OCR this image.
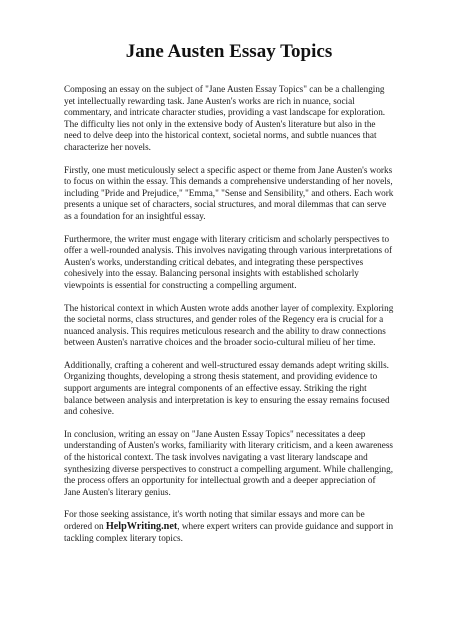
Jane Austen Essay Topics

Composing an essay on the subject of "Jane Austen Essay Topics" can be a challenging yet intellectually rewarding task. Jane Austen's works are rich in nuance, social commentary, and intricate character studies, providing a vast landscape for exploration. The difficulty lies not only in the extensive body of Austen's literature but also in the need to delve deep into the historical context, societal norms, and subtle nuances that characterize her novels.

Firstly, one must meticulously select a specific aspect or theme from Jane Austen's works to focus on within the essay. This demands a comprehensive understanding of her novels, including "Pride and Prejudice," "Emma," "Sense and Sensibility," and others. Each work presents a unique set of characters, social structures, and moral dilemmas that can serve as a foundation for an insightful essay.

Furthermore, the writer must engage with literary criticism and scholarly perspectives to offer a well-rounded analysis. This involves navigating through various interpretations of Austen's works, understanding critical debates, and integrating these perspectives cohesively into the essay. Balancing personal insights with established scholarly viewpoints is essential for constructing a compelling argument.

The historical context in which Austen wrote adds another layer of complexity. Exploring the societal norms, class structures, and gender roles of the Regency era is crucial for a nuanced analysis. This requires meticulous research and the ability to draw connections between Austen's narrative choices and the broader socio-cultural milieu of her time.

Additionally, crafting a coherent and well-structured essay demands adept writing skills. Organizing thoughts, developing a strong thesis statement, and providing evidence to support arguments are integral components of an effective essay. Striking the right balance between analysis and interpretation is key to ensuring the essay remains focused and cohesive.

In conclusion, writing an essay on "Jane Austen Essay Topics" necessitates a deep understanding of Austen's works, familiarity with literary criticism, and a keen awareness of the historical context. The task involves navigating a vast literary landscape and synthesizing diverse perspectives to construct a compelling argument. While challenging, the process offers an opportunity for intellectual growth and a deeper appreciation of Jane Austen's literary genius.

For those seeking assistance, it's worth noting that similar essays and more can be ordered on HelpWriting.net, where expert writers can provide guidance and support in tackling complex literary topics.
